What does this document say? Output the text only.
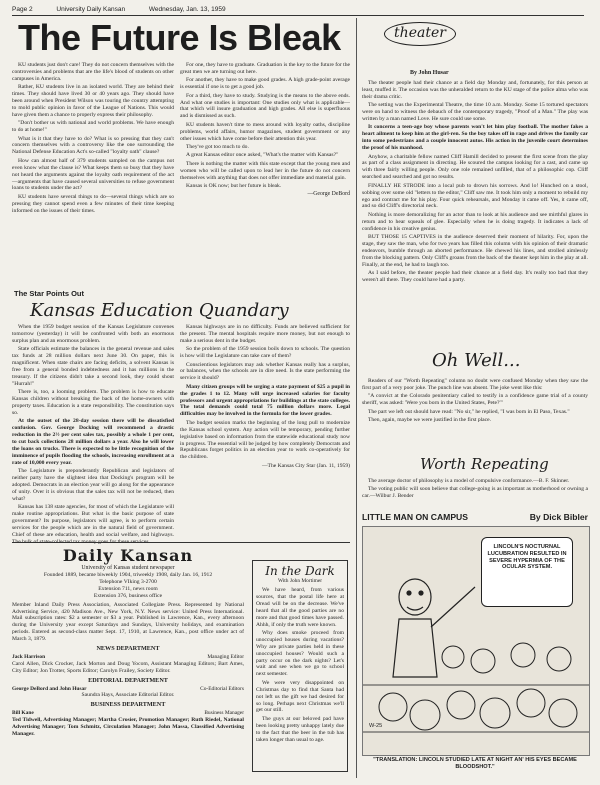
Page 2	University Daily Kansan	Wednesday, Jan. 13, 1959
The Future Is Bleak

KU students just don't care! They do not concern themselves with the controversies and problems that are the life's blood of students on other campuses in America.

Rather, KU students live in an isolated world. They are behind their times. They should have lived 30 or 40 years ago. They should have been around when President Wilson was touring the country attempting to mold public opinion in favor of the League of Nations. This would have given them a chance to properly express their philosophy.

"Don't bother us with national and world problems. We have enough to do at home!"

What is it that they have to do? What is so pressing that they can't concern themselves with a controversy like the one surrounding the National Defense Education Act's so-called "loyalty oath" clause?

How can almost half of 379 students sampled on the campus not even know what the clause is? What keeps them so busy that they have not heard the arguments against the loyalty oath requirement of the act—arguments that have caused several universities to refuse government loans to students under the act?

KU students have several things to do—several things which are so pressing they cannot spend even a few minutes of their time keeping informed on the issues of their times.

For one, they have to graduate. Graduation is the key to the future for the great men we are turning out here.

For another, they have to make good grades. A high grade-point average is essential if one is to get a good job.

For a third, they have to study. Studying is the means to the above ends. And what one studies is important: One studies only what is applicable—that which will insure graduation and high grades. All else is superfluous and is dismissed as such.

KU students haven't time to mess around with loyalty oaths, discipline problems, world affairs, humor magazines, student government or any other issues which have come before their attention this year.

They've got too much to do.

A great Kansas editor once asked, "What's the matter with Kansas?"

There is nothing the matter with this state except that the young men and women who will be called upon to lead her in the future do not concern themselves with anything that does not offer immediate and material gain.

Kansas is OK now; but her future is bleak.

—George DeBord
The Star Points Out
Kansas Education Quandary

When the 1959 budget session of the Kansas Legislature convenes tomorrow (yesterday) it will be confronted with both an enormous surplus plan and an enormous problem.

State officials estimate the balances in the general revenue and sales tax funds at 28 million dollars next June 30. On paper, this is magnificent. When state chairs are facing deficits, a solvent Kansas is free from a general bonded indebtedness and it has millions in the treasury. If the citizens didn't take a second look, they could shout "Hurrah!"

There is, too, a looming problem. The problem is how to educate Kansas children without breaking the back of the home-owners with property taxes. Education is a state responsibility. The constitution says so.

At the outset of the 28-day session there will be dissatisfied confusion. Gov. George Docking will recommend a drastic reduction in the 2½ per cent sales tax, possibly a whole 1 per cent, to cut back collections 28 million dollars a year. Also he will lower the loans on trucks. There is expected to be little recognition of the imminence of pupils flooding the schools, increasing enrollment at a rate of 10,000 every year.

The Legislature is preponderantly Republican and legislators of neither party have the slightest idea that Docking's program will be adopted. Democrats in an election year will go along for the appearance of unity. Over it is obvious that the sales tax will not be reduced, then what?

Kansas has 138 state agencies, for most of which the Legislature will make routine appropriations. But what is the basic purpose of state government? Its purpose, legislators will agree, is to perform certain services for the people which are in the natural field of government. Chief of these are education, health and social welfare, and highways.

Kansas highways are in no difficulty. Funds are believed sufficient for the present. The mental hospitals require more money, but not enough to make a serious dent in the budget.

So the problem of the 1959 session boils down to schools. The question is how will the Legislature can take care of them?

Conscientious legislators may ask whether Kansas really has a surplus, or balances, when the schools are in dire need. Is the state performing the service it should?

Many citizen groups will be urging a state payment of $25 a pupil in the grades 1 to 12. Many will urge increased salaries for faculty professors and urgent appropriations for buildings at the state colleges. The total demands could total 75 million dollars more. Legal difficulties may be involved in the formula for the lower grades.

The budget session marks the beginning of the long pull to modernize the Kansas school system. Any action will be temporary, pending further legislative based on information from the statewide educational study now in progress. The essential will be judged by how completely Democrats and Republicans forget politics in an election year to work co-operatively for the children.

—The Kansas City Star (Jan. 11, 1959)
Daily Kansan
University of Kansas student newspaper
Founded 1889, became biweekly 1904, triweekly 1908, daily Jan. 16, 1912
Telephone VIking 3-2700
Extension 711, news room
Extension 376, business office
Member Inland Daily Press Association, Associated Collegiate Press. Represented by National Advertising Service, 420 Madison Ave., New York, N.Y. News service: United Press International. Mail subscription rates: $2 a semester or $3 a year. Published in Lawrence, Kan., every afternoon during the University year except Saturdays and Sundays, University holidays, and examination periods. Entered as second-class matter Sept. 17, 1910, at Lawrence, Kan., post office under act of March 3, 1879.
NEWS DEPARTMENT
Jack Harrison	Managing Editor
Carol Allen, Dick Crocker, Jack Morton and Doug Yocom, Assistant Managing Editors; Bart Ames, City Editor; Jon Trotter, Sports Editor; Carolyn Frailey, Society Editor.
EDITORIAL DEPARTMENT
George DeBord and John Husar	Co-Editorial Editors
Saundra Hays, Associate Editorial Editor.
BUSINESS DEPARTMENT
Bill Kane	Business Manager
Ted Tidwell, Advertising Manager; Martha Crosier, Promotion Manager; Ruth Riedel, National Advertising Manager; Tom Schmitz, Circulation Manager; John Massa, Classified Advertising Manager.
In the Dark
With John Mortimer

We have heard, from various sources, that the postal life here at Oread will be on the decrease. We've heard that all the good parties are no more and that good times have passed. Ahhh, if only the truth were known.

Why does smoke proceed from unoccupied houses during vacations? Why are private parties held in these unoccupied houses? Would such a party occur on the dark nights? Let's wait and see when we go to school next semester.

We were very disappointed on Christmas day to find that Santa had not left us the gift we had desired for so long. Perhaps next Christmas we'll get our still.

The guys at our beloved pad have been looking pretty unhappy lately due to the fact that the beer in the tub has taken longer than usual to age.

theater
By John Husar

The theater people had their chance at a field day Monday and, fortunately, for this person at least, muffed it. The occasion was the unheralded return to the KU stage of the police alma who was their drama critic.

The setting was the Experimental Theatre, the time 10 a.m. Monday. Some 15 tortured spectators were on hand to witness the debauch of the contemporary tragedy, "Proof of a Man." The play was written by a man named Love. He sure could use some.

It concerns a teen-age boy whose parents won't let him play football. The mother fakes a heart ailment to keep him at the girl-ren. So the boy takes off in rage and drives the family car into some pedestrians and a couple innocent autos. His action in the juvenile court determines the proof of his manhood.

Anyhow, a charitable fellow named Cliff Hamill decided to present the first scene from the play as part of a class assignment in directing. He scoured the campus looking for a cast, and came up with three fairly willing people. Only one role remained unfilled, that of a philosophic cop. Cliff searched and searched and got no results.

FINALLY HE STRODE into a local pub to drown his sorrows. And lo! Hunched on a stool, sobbing over some old "letters to the editor," Cliff saw me. It took him only a moment to rebuild my ego and contract me for his play. Four quick rehearsals, and Monday it came off. Yes, it came off, and so did Cliff's directorial neck.

Nothing is more demoralizing for an actor than to look at his audience and see mirthful glares in return and to hear squeals of glee. Especially when he is doing tragedy. It indicates a lack of confidence in his creative genius.

BUT THOSE 15 CAPTIVES in the audience deserved their moment of hilarity. For, upon the stage, they saw the man, who for two years has filled this column with his opinion of their dramatic endeavors, bumble through an aborted performance. He chewed his lines, and strolled aimlessly from the blocking pattern. Only Cliff's groans from the back of the theater kept him in the play at all. Finally, at the end, he had to laugh too.

As I said before, the theater people had their chance at a field day. It's really too bad that they weren't all there. They could have had a party.

Oh Well...

Readers of our "Worth Repeating" column no doubt were confused Monday when they saw the first part of a very poor joke. The punch line was absent. The joke went like this:

"A convict at the Colorado penitentiary called to testify in a confidence game trial of a county sheriff, was asked: 'Were you born in the United States, Pete?'"

The part we left out should have read: "No sir," he replied, "I was born in El Paso, Texas."

Then, again, maybe we were justified in the first place.

Worth Repeating

The average doctor of philosophy is a model of compulsive conformance.—B. F. Skinner.

The voting public will soon believe that college-going is as important as motherhood or owning a car.—Wilbur J. Bender

LITTLE MAN ON CAMPUS	By Dick Bibler
LINCOLN'S NOCTURNAL LUCUBRATION RESULTED IN SEVERE HYPERMIA OF THE OCULAR SYSTEM.
W-25
"TRANSLATION: LINCOLN STUDIED LATE AT NIGHT AN' HIS EYES BECAME BLOODSHOT."
